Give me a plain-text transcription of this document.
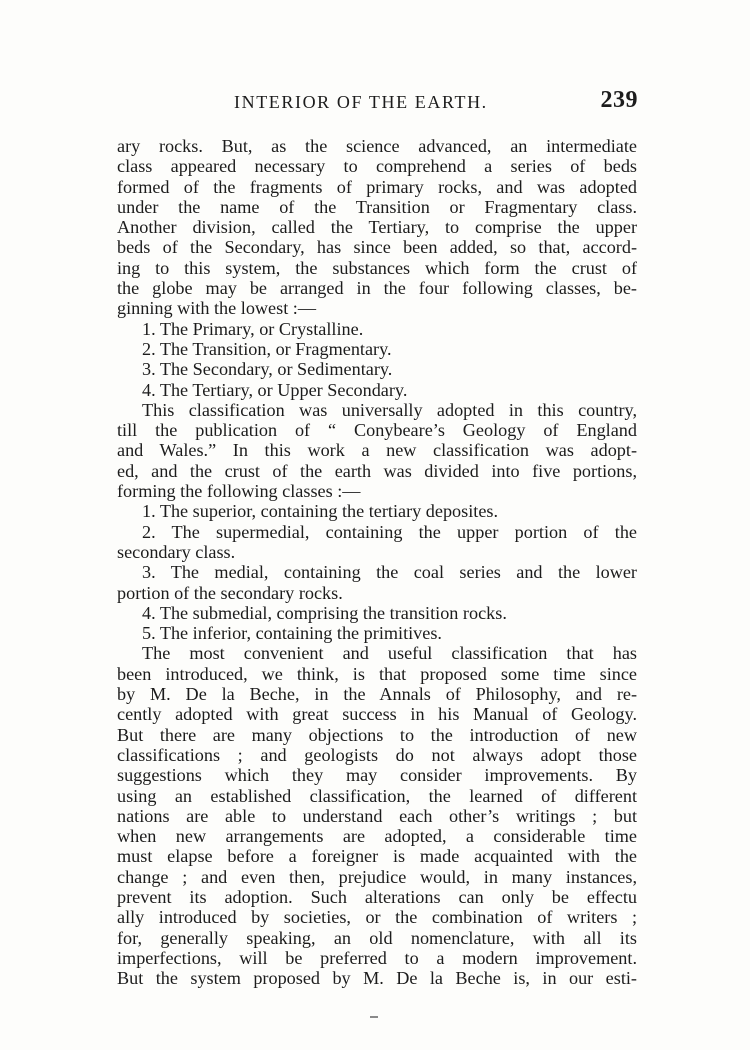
INTERIOR OF THE EARTH.	239
ary rocks. But, as the science advanced, an intermediate
class appeared necessary to comprehend a series of beds
formed of the fragments of primary rocks, and was adopted
under the name of the Transition or Fragmentary class.
Another division, called the Tertiary, to comprise the upper
beds of the Secondary, has since been added, so that, accord-
ing to this system, the substances which form the crust of
the globe may be arranged in the four following classes, be-
ginning with the lowest :—
1. The Primary, or Crystalline.
2. The Transition, or Fragmentary.
3. The Secondary, or Sedimentary.
4. The Tertiary, or Upper Secondary.
This classification was universally adopted in this country,
till the publication of “ Conybeare’s Geology of England
and Wales.” In this work a new classification was adopt-
ed, and the crust of the earth was divided into five portions,
forming the following classes :—
1. The superior, containing the tertiary deposites.
2. The supermedial, containing the upper portion of the
secondary class.
3. The medial, containing the coal series and the lower
portion of the secondary rocks.
4. The submedial, comprising the transition rocks.
5. The inferior, containing the primitives.
The most convenient and useful classification that has
been introduced, we think, is that proposed some time since
by M. De la Beche, in the Annals of Philosophy, and re-
cently adopted with great success in his Manual of Geology.
But there are many objections to the introduction of new
classifications ; and geologists do not always adopt those
suggestions which they may consider improvements. By
using an established classification, the learned of different
nations are able to understand each other’s writings ; but
when new arrangements are adopted, a considerable time
must elapse before a foreigner is made acquainted with the
change ; and even then, prejudice would, in many instances,
prevent its adoption. Such alterations can only be effectu
ally introduced by societies, or the combination of writers ;
for, generally speaking, an old nomenclature, with all its
imperfections, will be preferred to a modern improvement.
But the system proposed by M. De la Beche is, in our esti-
